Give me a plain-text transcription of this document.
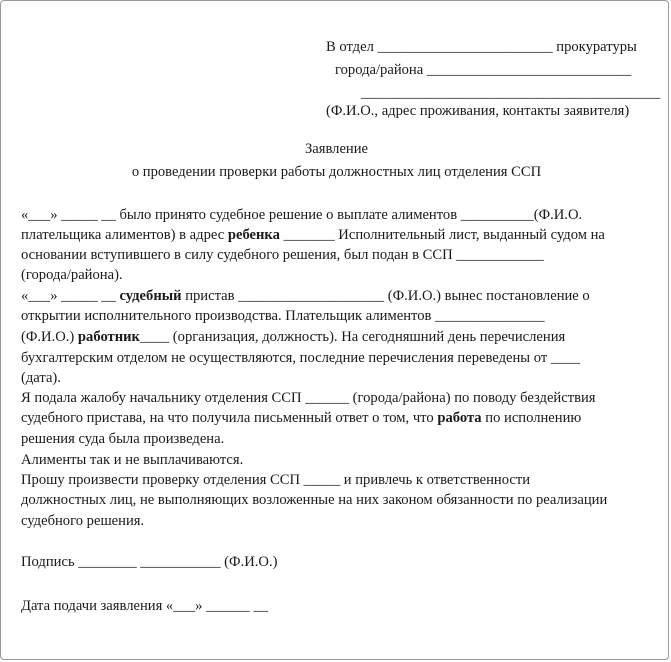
В отдел ________________________ прокуратуры
города/района ____________________________
_________________________________________
(Ф.И.О., адрес проживания, контакты заявителя)
Заявление
о проведении проверки работы должностных лиц отделения ССП
«___» _____ __ было принято судебное решение о выплате алиментов __________(Ф.И.О.
плательщика алиментов) в адрес ребенка _______ Исполнительный лист, выданный судом на
основании вступившего в силу судебного решения, был подан в ССП ____________
(города/района).
«___» _____ __ судебный пристав ____________________ (Ф.И.О.) вынес постановление о
открытии исполнительного производства. Плательщик алиментов _______________
(Ф.И.О.) работник____ (организация, должность). На сегодняшний день перечисления
бухгалтерским отделом не осуществляются, последние перечисления переведены от ____
(дата).
Я подала жалобу начальнику отделения ССП ______ (города/района) по поводу бездействия
судебного пристава, на что получила письменный ответ о том, что работа по исполнению
решения суда была произведена.
Алименты так и не выплачиваются.
Прошу произвести проверку отделения ССП _____ и привлечь к ответственности
должностных лиц, не выполняющих возложенные на них законом обязанности по реализации
судебного решения.
Подпись ________ ___________ (Ф.И.О.)
Дата подачи заявления «___» ______ __
